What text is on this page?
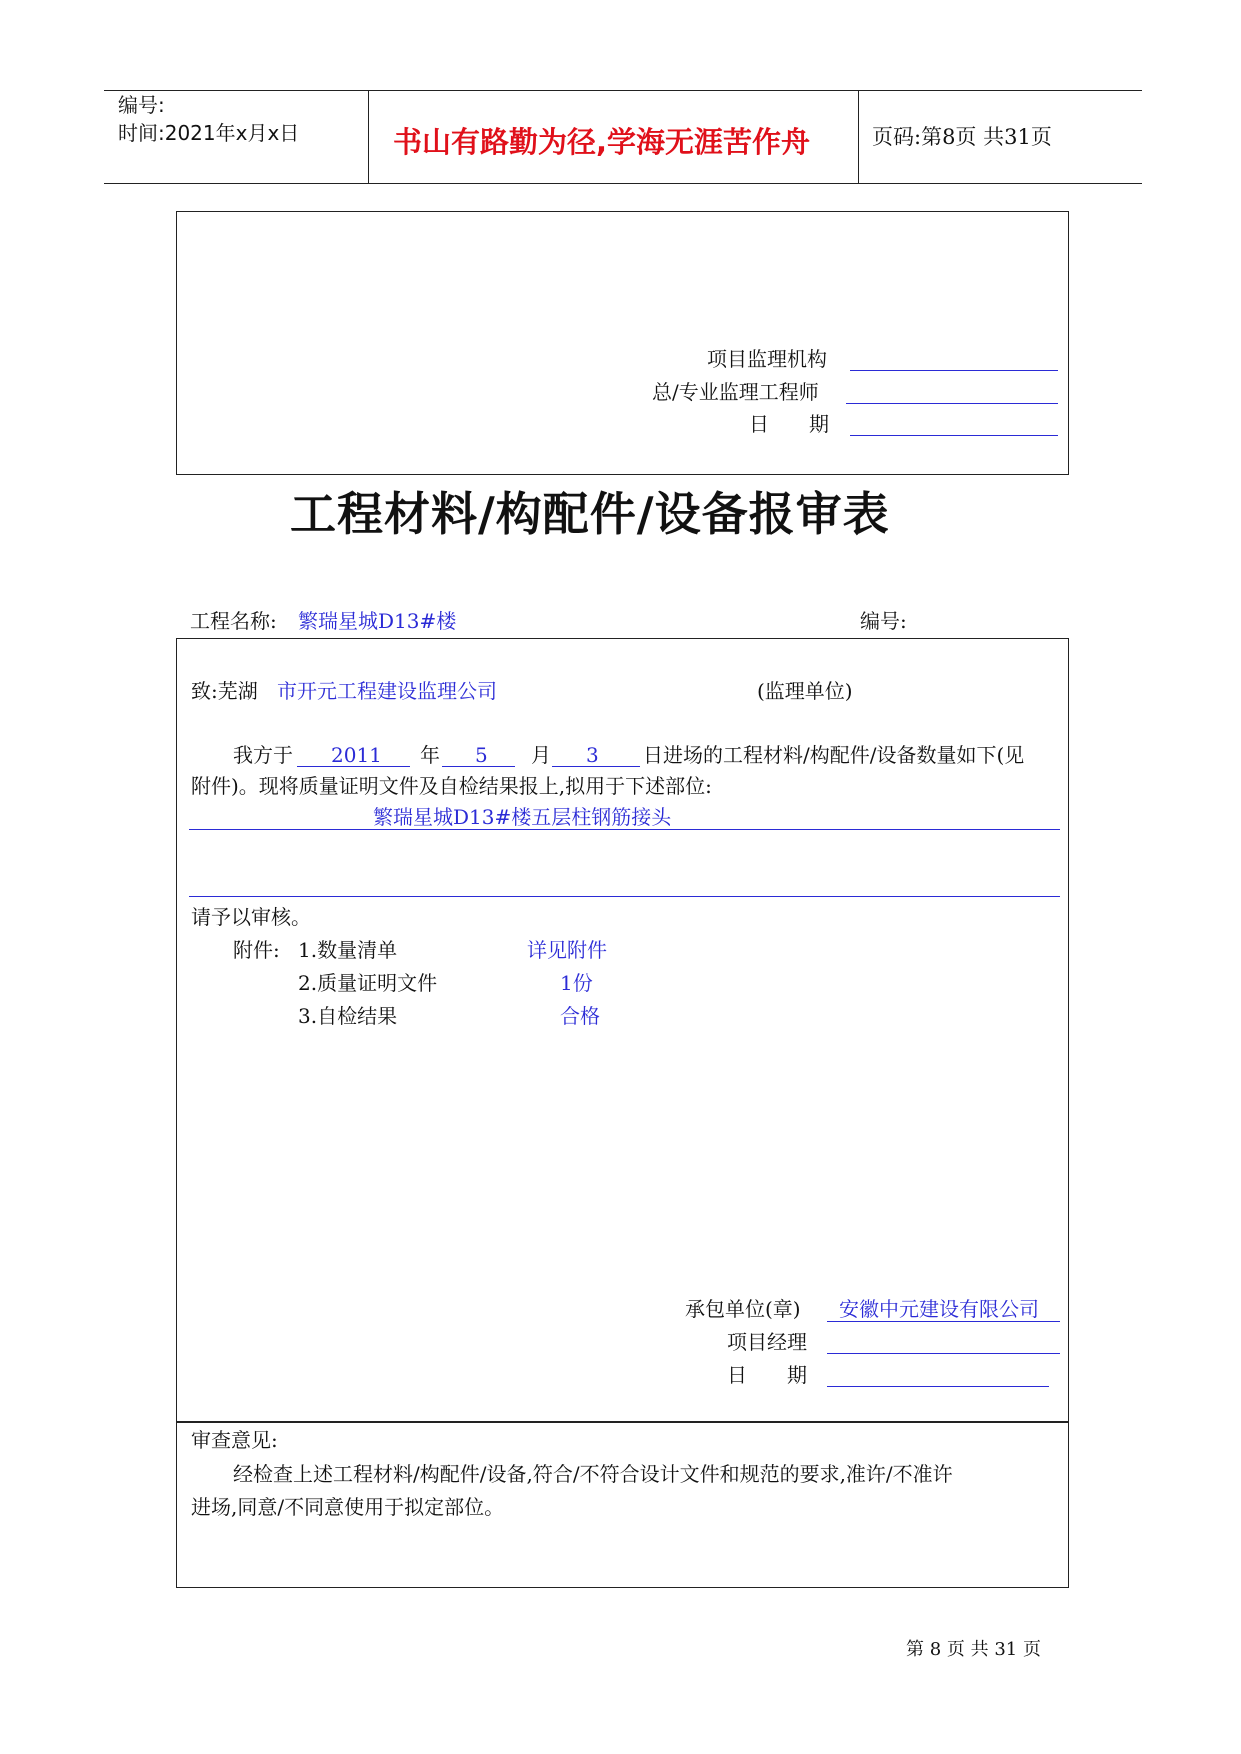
编号:
时间:2021年x月x日	书山有路勤为径,学海无涯苦作舟	页码:第8页 共31页
项目监理机构
总/专业监理工程师
日　　期
工程材料/构配件/设备报审表
工程名称: 繁瑞星城D13#楼	编号:
致:芜湖 市开元工程建设监理公司	(监理单位)
我方于 2011 年 5 月 3 日进场的工程材料/构配件/设备数量如下(见
附件)。现将质量证明文件及自检结果报上,拟用于下述部位:
繁瑞星城D13#楼五层柱钢筋接头
请予以审核。
附件: 1.数量清单	详见附件
2.质量证明文件	1份
3.自检结果	合格
承包单位(章) 安徽中元建设有限公司
项目经理
日　　期
审查意见:
经检查上述工程材料/构配件/设备,符合/不符合设计文件和规范的要求,准许/不准许
进场,同意/不同意使用于拟定部位。
第 8 页 共 31 页
